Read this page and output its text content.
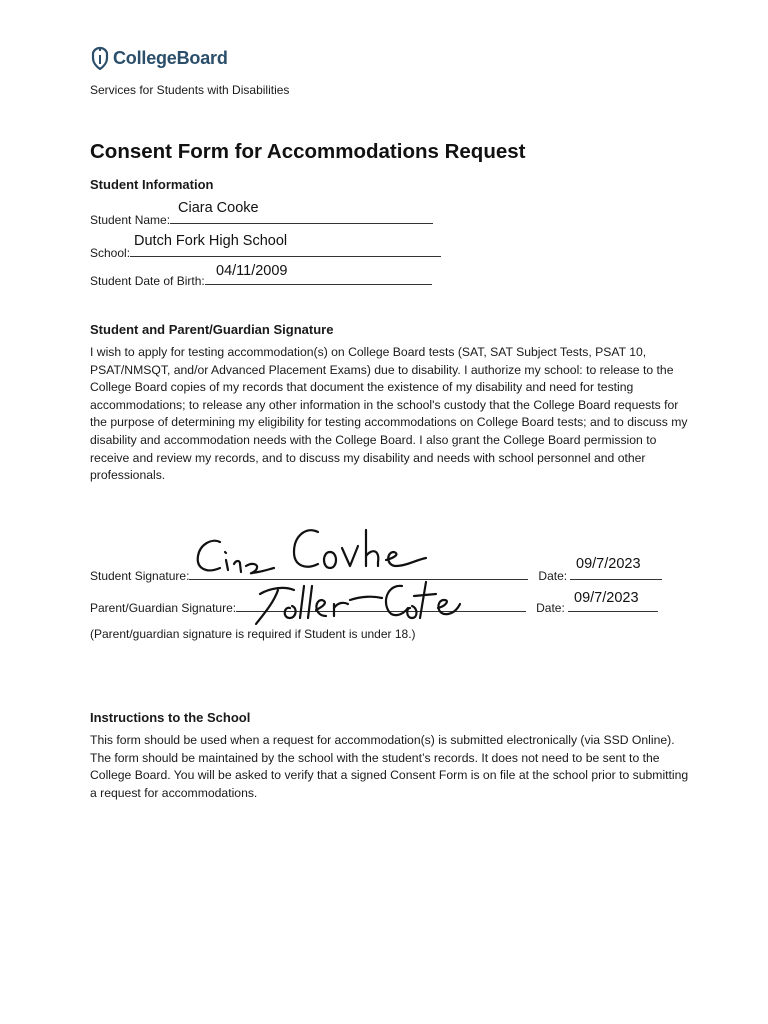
CollegeBoard
Services for Students with Disabilities
Consent Form for Accommodations Request
Student Information
Student Name:
Ciara Cooke
School:
Dutch Fork High School
Student Date of Birth:
04/11/2009
Student and Parent/Guardian Signature
I wish to apply for testing accommodation(s) on College Board tests (SAT, SAT Subject Tests, PSAT 10, PSAT/NMSQT, and/or Advanced Placement Exams) due to disability. I authorize my school: to release to the College Board copies of my records that document the existence of my disability and need for testing accommodations; to release any other information in the school's custody that the College Board requests for the purpose of determining my eligibility for testing accommodations on College Board tests; and to discuss my disability and accommodation needs with the College Board. I also grant the College Board permission to receive and review my records, and to discuss my disability and needs with school personnel and other professionals.
Student Signature:	Date:
09/7/2023
Parent/Guardian Signature:	Date:
09/7/2023
(Parent/guardian signature is required if Student is under 18.)
Instructions to the School
This form should be used when a request for accommodation(s) is submitted electronically (via SSD Online). The form should be maintained by the school with the student’s records. It does not need to be sent to the College Board. You will be asked to verify that a signed Consent Form is on file at the school prior to submitting a request for accommodations.
